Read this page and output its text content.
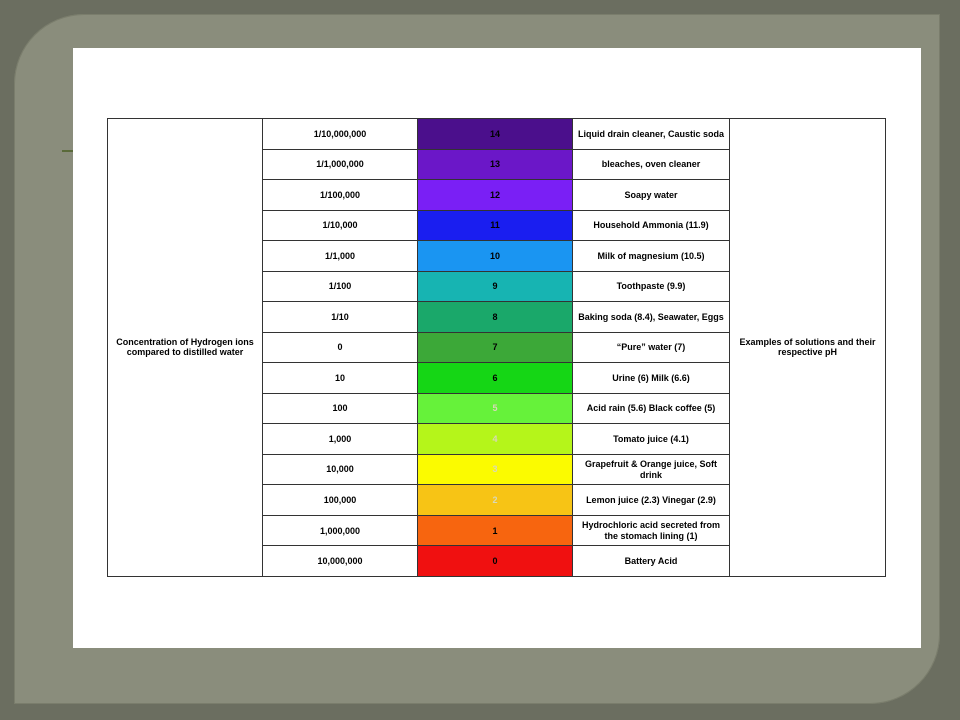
Concentration of Hydrogen ions compared to distilled water	1/10,000,000	14	Liquid drain cleaner, Caustic soda	Examples of solutions and their respective pH
	1/1,000,000	13	bleaches, oven cleaner	
	1/100,000	12	Soapy water	
	1/10,000	11	Household Ammonia (11.9)	
	1/1,000	10	Milk of magnesium (10.5)	
	1/100	9	Toothpaste (9.9)	
	1/10	8	Baking soda (8.4), Seawater, Eggs	
	0	7	“Pure” water (7)	
	10	6	Urine (6) Milk (6.6)	
	100	5	Acid rain (5.6) Black coffee (5)	
	1,000	4	Tomato juice (4.1)	
	10,000	3	Grapefruit & Orange juice, Soft drink	
	100,000	2	Lemon juice (2.3) Vinegar (2.9)	
	1,000,000	1	Hydrochloric acid secreted from the stomach lining (1)	
	10,000,000	0	Battery Acid	
